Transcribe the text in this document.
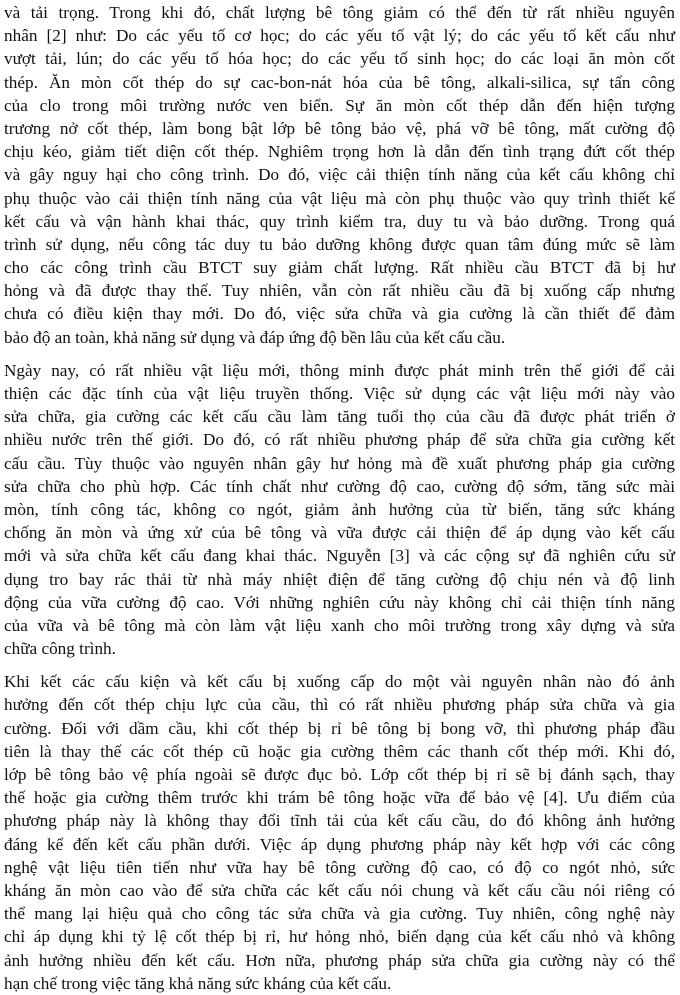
và tải trọng. Trong khi đó, chất lượng bê tông giảm có thể đến từ rất nhiều nguyên
nhân [2] như: Do các yếu tố cơ học; do các yếu tố vật lý; do các yếu tố kết cấu như
vượt tải, lún; do các yếu tố hóa học; do các yếu tố sinh học; do các loại ăn mòn cốt
thép. Ăn mòn cốt thép do sự cac-bon-nát hóa của bê tông, alkali-silica, sự tấn công
của clo trong môi trường nước ven biển. Sự ăn mòn cốt thép dẫn đến hiện tượng
trương nở cốt thép, làm bong bật lớp bê tông bảo vệ, phá vỡ bê tông, mất cường độ
chịu kéo, giảm tiết diện cốt thép. Nghiêm trọng hơn là dẫn đến tình trạng đứt cốt thép
và gây nguy hại cho công trình. Do đó, việc cải thiện tính năng của kết cấu không chỉ
phụ thuộc vào cải thiện tính năng của vật liệu mà còn phụ thuộc vào quy trình thiết kế
kết cấu và vận hành khai thác, quy trình kiểm tra, duy tu và bảo dưỡng. Trong quá
trình sử dụng, nếu công tác duy tu bảo dưỡng không được quan tâm đúng mức sẽ làm
cho các công trình cầu BTCT suy giảm chất lượng. Rất nhiều cầu BTCT đã bị hư
hỏng và đã được thay thế. Tuy nhiên, vẫn còn rất nhiều cầu đã bị xuống cấp nhưng
chưa có điều kiện thay mới. Do đó, việc sửa chữa và gia cường là cần thiết để đảm
bảo độ an toàn, khả năng sử dụng và đáp ứng độ bền lâu của kết cấu cầu.
Ngày nay, có rất nhiều vật liệu mới, thông minh được phát minh trên thế giới để cải
thiện các đặc tính của vật liệu truyền thống. Việc sử dụng các vật liệu mới này vào
sửa chữa, gia cường các kết cấu cầu làm tăng tuổi thọ của cầu đã được phát triển ở
nhiều nước trên thế giới. Do đó, có rất nhiều phương pháp để sửa chữa gia cường kết
cấu cầu. Tùy thuộc vào nguyên nhân gây hư hỏng mà đề xuất phương pháp gia cường
sửa chữa cho phù hợp. Các tính chất như cường độ cao, cường độ sớm, tăng sức mài
mòn, tính công tác, không co ngót, giảm ảnh hưởng của từ biến, tăng sức kháng
chống ăn mòn và ứng xử của bê tông và vữa được cải thiện để áp dụng vào kết cấu
mới và sửa chữa kết cấu đang khai thác. Nguyễn [3] và các cộng sự đã nghiên cứu sử
dụng tro bay rác thải từ nhà máy nhiệt điện để tăng cường độ chịu nén và độ linh
động của vữa cường độ cao. Với những nghiên cứu này không chỉ cải thiện tính năng
của vữa và bê tông mà còn làm vật liệu xanh cho môi trường trong xây dựng và sửa
chữa công trình.
Khi kết các cấu kiện và kết cấu bị xuống cấp do một vài nguyên nhân nào đó ảnh
hưởng đến cốt thép chịu lực của cầu, thì có rất nhiều phương pháp sửa chữa và gia
cường. Đối với dầm cầu, khi cốt thép bị rỉ bê tông bị bong vỡ, thì phương pháp đầu
tiên là thay thế các cốt thép cũ hoặc gia cường thêm các thanh cốt thép mới. Khi đó,
lớp bê tông bảo vệ phía ngoài sẽ được đục bỏ. Lớp cốt thép bị rỉ sẽ bị đánh sạch, thay
thế hoặc gia cường thêm trước khi trám bê tông hoặc vữa để bảo vệ [4]. Ưu điểm của
phương pháp này là không thay đổi tĩnh tải của kết cấu cầu, do đó không ảnh hưởng
đáng kể đến kết cấu phần dưới. Việc áp dụng phương pháp này kết hợp với các công
nghệ vật liệu tiên tiến như vữa hay bê tông cường độ cao, có độ co ngót nhỏ, sức
kháng ăn mòn cao vào để sửa chữa các kết cấu nói chung và kết cấu cầu nói riêng có
thể mang lại hiệu quả cho công tác sửa chữa và gia cường. Tuy nhiên, công nghệ này
chỉ áp dụng khi tỷ lệ cốt thép bị rỉ, hư hỏng nhỏ, biến dạng của kết cấu nhỏ và không
ảnh hưởng nhiều đến kết cấu. Hơn nữa, phương pháp sửa chữa gia cường này có thể
hạn chế trong việc tăng khả năng sức kháng của kết cấu.
